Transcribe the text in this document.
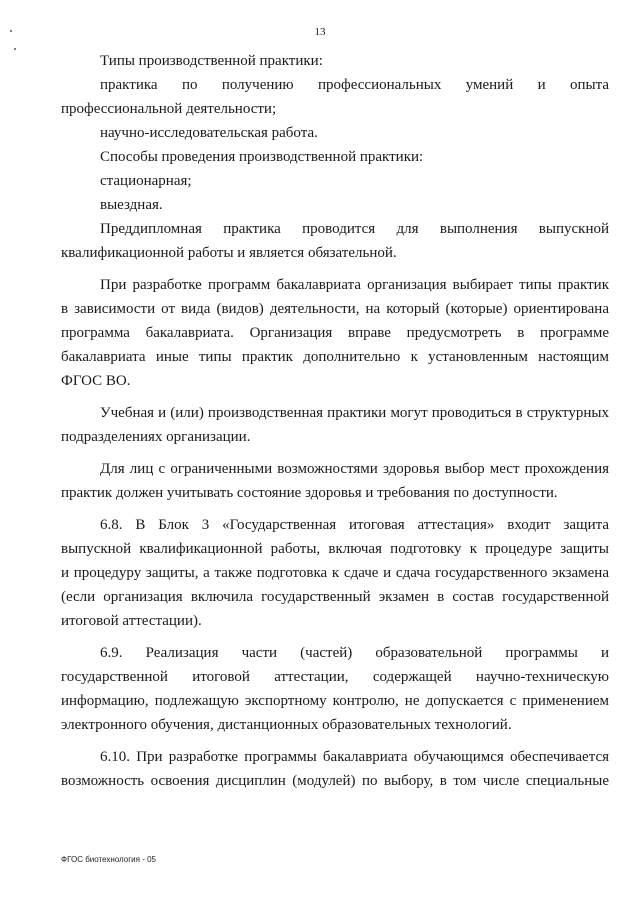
13
Типы производственной практики:
практика по получению профессиональных умений и опыта
профессиональной деятельности;
научно-исследовательская работа.
Способы проведения производственной практики:
стационарная;
выездная.
Преддипломная практика проводится для выполнения выпускной
квалификационной работы и является обязательной.
При разработке программ бакалавриата организация выбирает типы практик
в зависимости от вида (видов) деятельности, на который (которые) ориентирована
программа бакалавриата. Организация вправе предусмотреть в программе
бакалавриата иные типы практик дополнительно к установленным настоящим
ФГОС ВО.
Учебная и (или) производственная практики могут проводиться в структурных
подразделениях организации.
Для лиц с ограниченными возможностями здоровья выбор мест прохождения
практик должен учитывать состояние здоровья и требования по доступности.
6.8. В Блок 3 «Государственная итоговая аттестация» входит защита
выпускной квалификационной работы, включая подготовку к процедуре защиты
и процедуру защиты, а также подготовка к сдаче и сдача государственного экзамена
(если организация включила государственный экзамен в состав государственной
итоговой аттестации).
6.9. Реализация части (частей) образовательной программы и
государственной итоговой аттестации, содержащей научно-техническую
информацию, подлежащую экспортному контролю, не допускается с применением
электронного обучения, дистанционных образовательных технологий.
6.10. При разработке программы бакалавриата обучающимся обеспечивается
возможность освоения дисциплин (модулей) по выбору, в том числе специальные
ФГОС биотехнология - 05
